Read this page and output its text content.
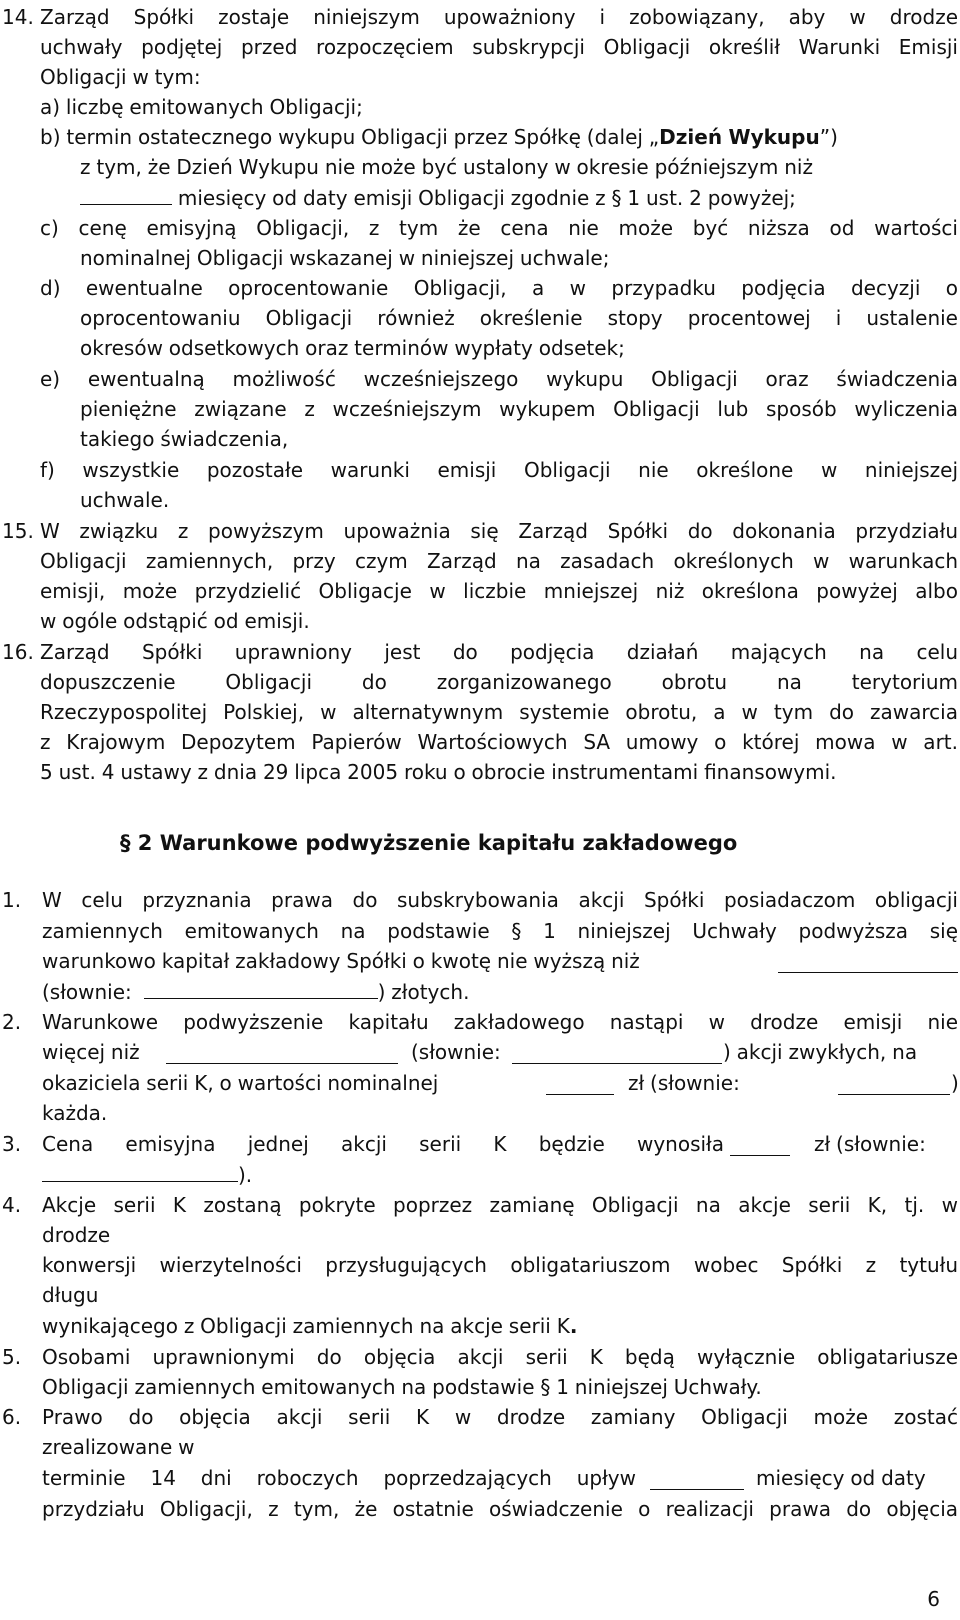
14. Zarząd Spółki zostaje niniejszym upoważniony i zobowiązany, aby w drodze
uchwały podjętej przed rozpoczęciem subskrypcji Obligacji określił Warunki Emisji
Obligacji w tym:
a) liczbę emitowanych Obligacji;
b) termin ostatecznego wykupu Obligacji przez Spółkę (dalej „Dzień Wykupu”)
z tym, że Dzień Wykupu nie może być ustalony w okresie późniejszym niż
miesięcy od daty emisji Obligacji zgodnie z § 1 ust. 2 powyżej;
c) cenę emisyjną Obligacji, z tym że cena nie może być niższa od wartości
nominalnej Obligacji wskazanej w niniejszej uchwale;
d) ewentualne oprocentowanie Obligacji, a w przypadku podjęcia decyzji o
oprocentowaniu Obligacji również określenie stopy procentowej i ustalenie
okresów odsetkowych oraz terminów wypłaty odsetek;
e) ewentualną możliwość wcześniejszego wykupu Obligacji oraz świadczenia
pieniężne związane z wcześniejszym wykupem Obligacji lub sposób wyliczenia
takiego świadczenia,
f) wszystkie pozostałe warunki emisji Obligacji nie określone w niniejszej
uchwale.
15. W związku z powyższym upoważnia się Zarząd Spółki do dokonania przydziału
Obligacji zamiennych, przy czym Zarząd na zasadach określonych w warunkach
emisji, może przydzielić Obligacje w liczbie mniejszej niż określona powyżej albo
w ogóle odstąpić od emisji.
16. Zarząd Spółki uprawniony jest do podjęcia działań mających na celu
dopuszczenie Obligacji do zorganizowanego obrotu na terytorium
Rzeczypospolitej Polskiej, w alternatywnym systemie obrotu, a w tym do zawarcia
z Krajowym Depozytem Papierów Wartościowych SA umowy o której mowa w art.
5 ust. 4 ustawy z dnia 29 lipca 2005 roku o obrocie instrumentami finansowymi.
§ 2 Warunkowe podwyższenie kapitału zakładowego
1. W celu przyznania prawa do subskrybowania akcji Spółki posiadaczom obligacji
zamiennych emitowanych na podstawie § 1 niniejszej Uchwały podwyższa się
warunkowo kapitał zakładowy Spółki o kwotę nie wyższą niż
(słownie:	) złotych.
2. Warunkowe podwyższenie kapitału zakładowego nastąpi w drodze emisji nie
więcej niż	(słownie:	) akcji zwykłych, na
okaziciela serii K, o wartości nominalnej	zł (słownie:	)
każda.
3. Cena emisyjna jednej akcji serii K będzie wynosiła	zł (słownie:
).
4. Akcje serii K zostaną pokryte poprzez zamianę Obligacji na akcje serii K, tj. w
drodze
konwersji wierzytelności przysługujących obligatariuszom wobec Spółki z tytułu
długu
wynikającego z Obligacji zamiennych na akcje serii K.
5. Osobami uprawnionymi do objęcia akcji serii K będą wyłącznie obligatariusze
Obligacji zamiennych emitowanych na podstawie § 1 niniejszej Uchwały.
6. Prawo do objęcia akcji serii K w drodze zamiany Obligacji może zostać
zrealizowane w
terminie 14 dni roboczych poprzedzających upływ	miesięcy od daty
przydziału Obligacji, z tym, że ostatnie oświadczenie o realizacji prawa do objęcia
6
